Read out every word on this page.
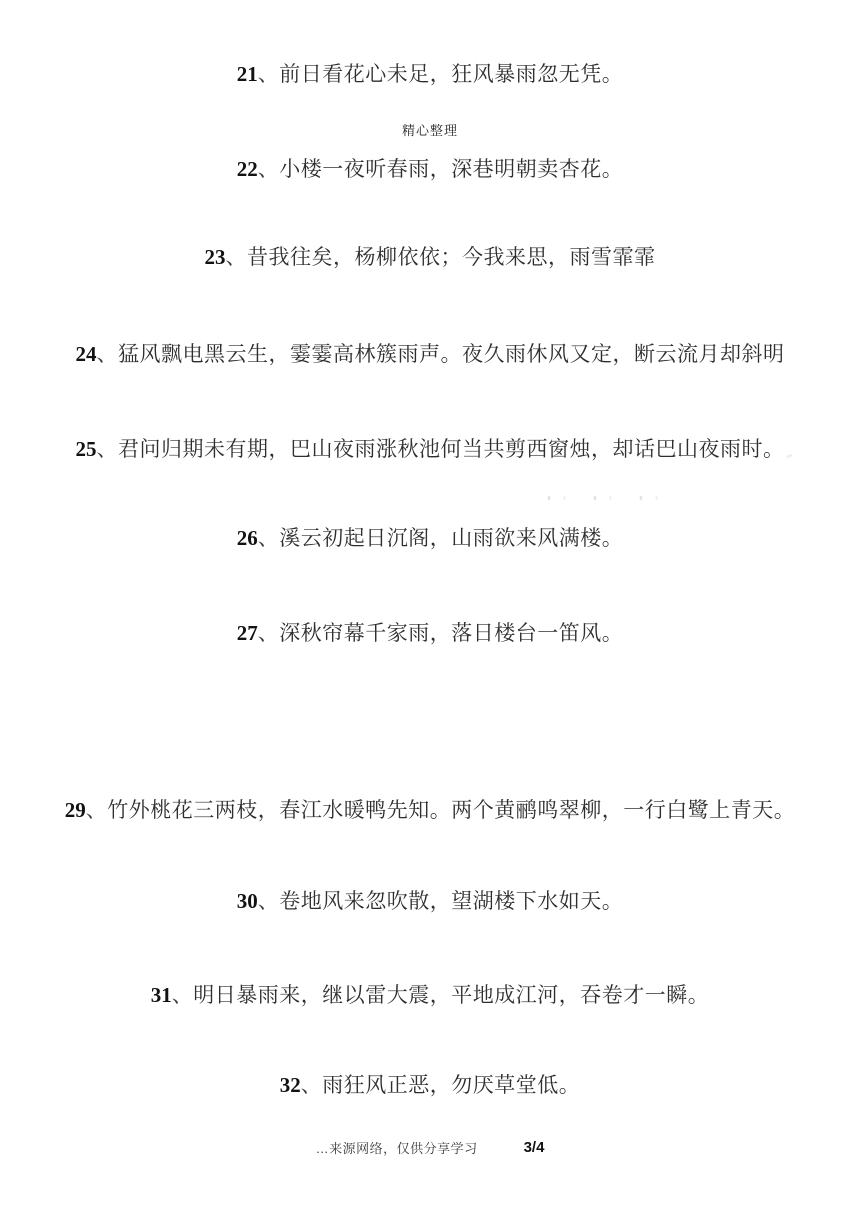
21、前日看花心未足，狂风暴雨忽无凭。
精心整理
22、小楼一夜听春雨，深巷明朝卖杏花。
23、昔我往矣，杨柳依依；今我来思，雨雪霏霏
24、猛风飘电黑云生，霎霎高林簇雨声。夜久雨休风又定，断云流月却斜明
25、君问归期未有期，巴山夜雨涨秋池何当共剪西窗烛，却话巴山夜雨时。
26、溪云初起日沉阁，山雨欲来风满楼。
27、深秋帘幕千家雨，落日楼台一笛风。
29、竹外桃花三两枝，春江水暖鸭先知。两个黄鹂鸣翠柳，一行白鹭上青天。
30、卷地风来忽吹散，望湖楼下水如天。
31、明日暴雨来，继以雷大震，平地成江河，吞卷才一瞬。
32、雨狂风正恶，勿厌草堂低。
…来源网络，仅供分享学习	3/4
